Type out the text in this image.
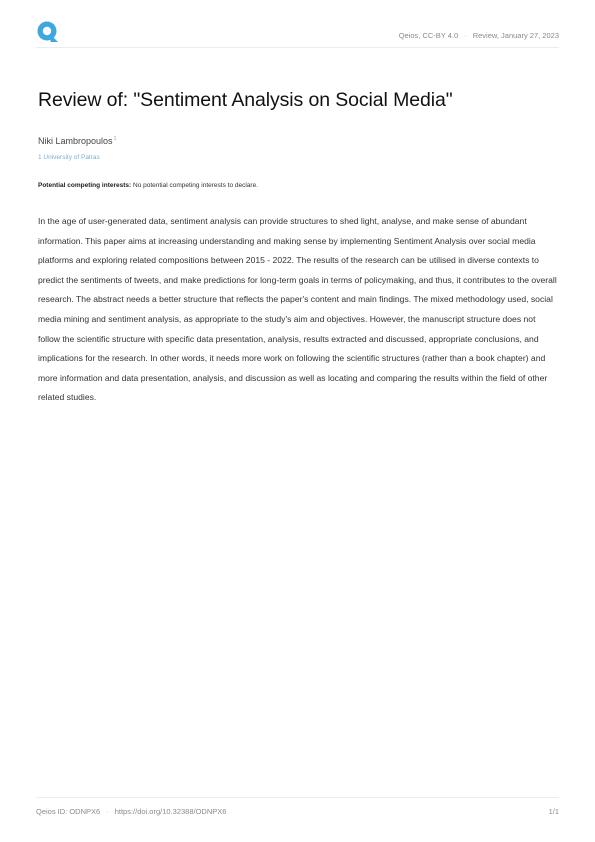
Qeios, CC-BY 4.0 · Review, January 27, 2023
Review of: "Sentiment Analysis on Social Media"
Niki Lambropoulos$^1$
1 University of Patras
Potential competing interests: No potential competing interests to declare.

In the age of user-generated data, sentiment analysis can provide structures to shed light, analyse, and make sense of abundant information. This paper aims at increasing understanding and making sense by implementing Sentiment Analysis over social media platforms and exploring related compositions between 2015 - 2022. The results of the research can be utilised in diverse contexts to predict the sentiments of tweets, and make predictions for long-term goals in terms of policymaking, and thus, it contributes to the overall research. The abstract needs a better structure that reflects the paper's content and main findings. The mixed methodology used, social media mining and sentiment analysis, as appropriate to the study's aim and objectives. However, the manuscript structure does not follow the scientific structure with specific data presentation, analysis, results extracted and discussed, appropriate conclusions, and implications for the research. In other words, it needs more work on following the scientific structures (rather than a book chapter) and more information and data presentation, analysis, and discussion as well as locating and comparing the results within the field of other related studies.

Qeios ID: ODNPX6 · https://doi.org/10.32388/ODNPX6	1/1
